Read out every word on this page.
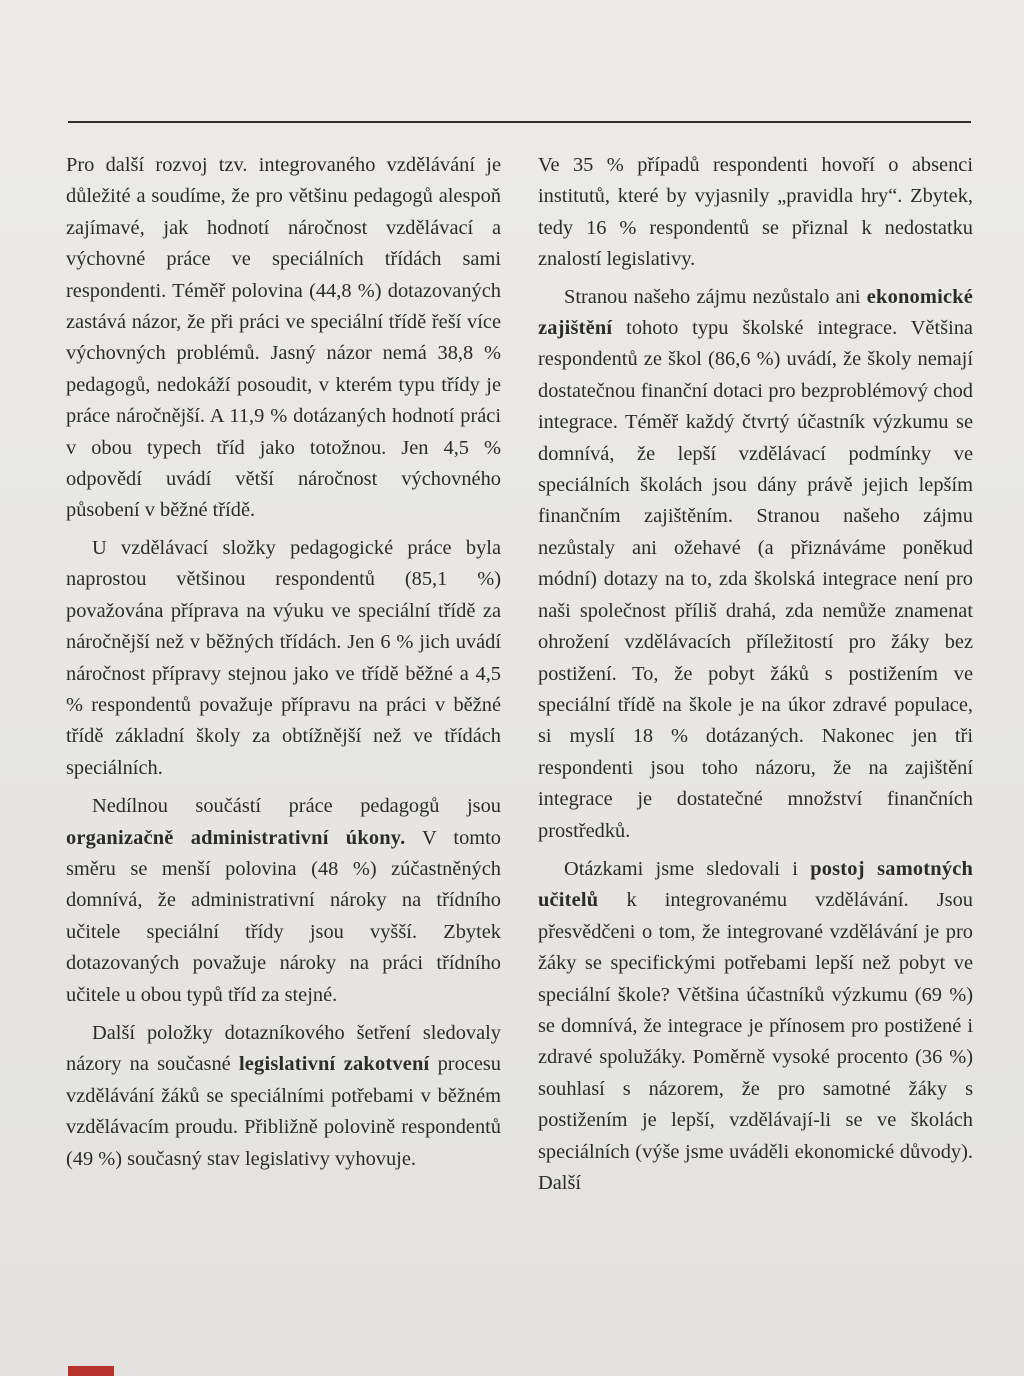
Pro další rozvoj tzv. integrovaného vzdělávání je důležité a soudíme, že pro většinu pedagogů alespoň zajímavé, jak hodnotí náročnost vzdělávací a výchovné práce ve speciálních třídách sami respondenti. Téměř polovina (44,8 %) dotazovaných zastává názor, že při práci ve speciální třídě řeší více výchovných problémů. Jasný názor nemá 38,8 % pedagogů, nedokáží posoudit, v kterém typu třídy je práce náročnější. A 11,9 % dotázaných hodnotí práci v obou typech tříd jako totožnou. Jen 4,5 % odpovědí uvádí větší náročnost výchovného působení v běžné třídě.

U vzdělávací složky pedagogické práce byla naprostou většinou respondentů (85,1 %) považována příprava na výuku ve speciální třídě za náročnější než v běžných třídách. Jen 6 % jich uvádí náročnost přípravy stejnou jako ve třídě běžné a 4,5 % respondentů považuje přípravu na práci v běžné třídě základní školy za obtížnější než ve třídách speciálních.

Nedílnou součástí práce pedagogů jsou organizačně administrativní úkony. V tomto směru se menší polovina (48 %) zúčastněných domnívá, že administrativní nároky na třídního učitele speciální třídy jsou vyšší. Zbytek dotazovaných považuje nároky na práci třídního učitele u obou typů tříd za stejné.

Další položky dotazníkového šetření sledovaly názory na současné legislativní zakotvení procesu vzdělávání žáků se speciálními potřebami v běžném vzdělávacím proudu. Přibližně polovině respondentů (49 %) současný stav legislativy vyhovuje.

Ve 35 % případů respondenti hovoří o absenci institutů, které by vyjasnily „pravidla hry“. Zbytek, tedy 16 % respondentů se přiznal k nedostatku znalostí legislativy.

Stranou našeho zájmu nezůstalo ani ekonomické zajištění tohoto typu školské integrace. Většina respondentů ze škol (86,6 %) uvádí, že školy nemají dostatečnou finanční dotaci pro bezproblémový chod integrace. Téměř každý čtvrtý účastník výzkumu se domnívá, že lepší vzdělávací podmínky ve speciálních školách jsou dány právě jejich lepším finančním zajištěním. Stranou našeho zájmu nezůstaly ani ožehavé (a přiznáváme poněkud módní) dotazy na to, zda školská integrace není pro naši společnost příliš drahá, zda nemůže znamenat ohrožení vzdělávacích příležitostí pro žáky bez postižení. To, že pobyt žáků s postižením ve speciální třídě na škole je na úkor zdravé populace, si myslí 18 % dotázaných. Nakonec jen tři respondenti jsou toho názoru, že na zajištění integrace je dostatečné množství finančních prostředků.

Otázkami jsme sledovali i postoj samotných učitelů k integrovanému vzdělávání. Jsou přesvědčeni o tom, že integrované vzdělávání je pro žáky se specifickými potřebami lepší než pobyt ve speciální škole? Většina účastníků výzkumu (69 %) se domnívá, že integrace je přínosem pro postižené i zdravé spolužáky. Poměrně vysoké procento (36 %) souhlasí s názorem, že pro samotné žáky s postižením je lepší, vzdělávají-li se ve školách speciálních (výše jsme uváděli ekonomické důvody). Další
